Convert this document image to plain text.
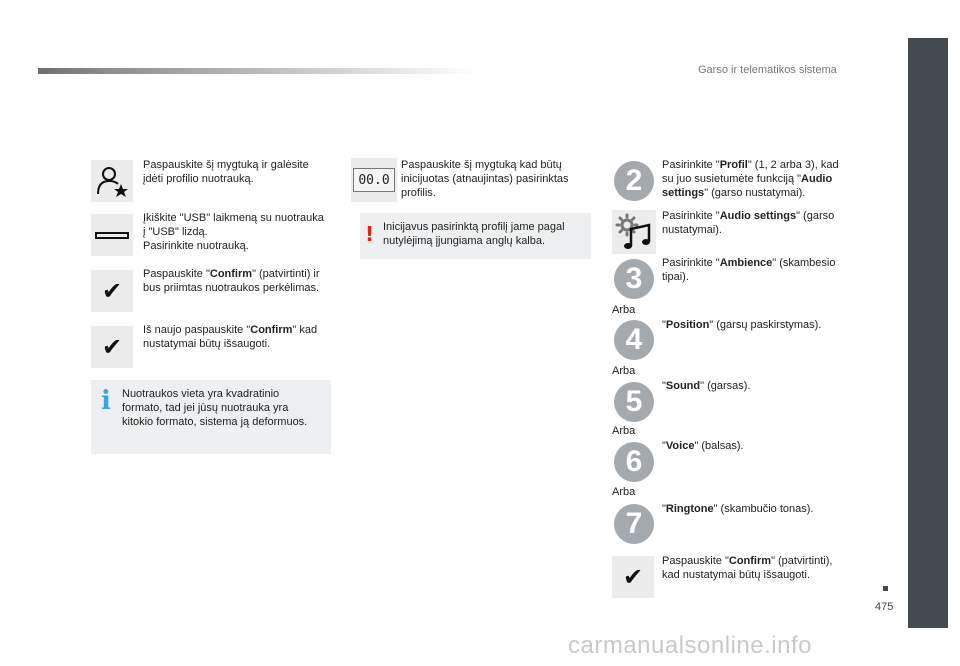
Garso ir telematikos sistema
475
Paspauskite šį mygtuką ir galėsite
įdėti profilio nuotrauką.
Įkiškite "USB" laikmeną su nuotrauka
į "USB" lizdą.
Pasirinkite nuotrauką.
✔
Paspauskite "Confirm" (patvirtinti) ir
bus priimtas nuotraukos perkėlimas.
✔
Iš naujo paspauskite "Confirm" kad
nustatymai būtų išsaugoti.
i Nuotraukos vieta yra kvadratinio
formato, tad jei jūsų nuotrauka yra
kitokio formato, sistema ją deformuos.
00.0
Paspauskite šį mygtuką kad būtų
inicijuotas (atnaujintas) pasirinktas
profilis.
! Inicijavus pasirinktą profilį jame pagal
nutylėjimą įjungiama anglų kalba.
2	Pasirinkite "Profil" (1, 2 arba 3), kad
su juo susietumėte funkciją "Audio
settings" (garso nustatymai).
Pasirinkite "Audio settings" (garso
nustatymai).
3	Pasirinkite "Ambience" (skambesio
tipai).
Arba
4	"Position" (garsų paskirstymas).
Arba
5	"Sound" (garsas).
Arba
6	"Voice" (balsas).
Arba
7	"Ringtone" (skambučio tonas).
✔
Paspauskite "Confirm" (patvirtinti),
kad nustatymai būtų išsaugoti.
carmanualsonline.info
